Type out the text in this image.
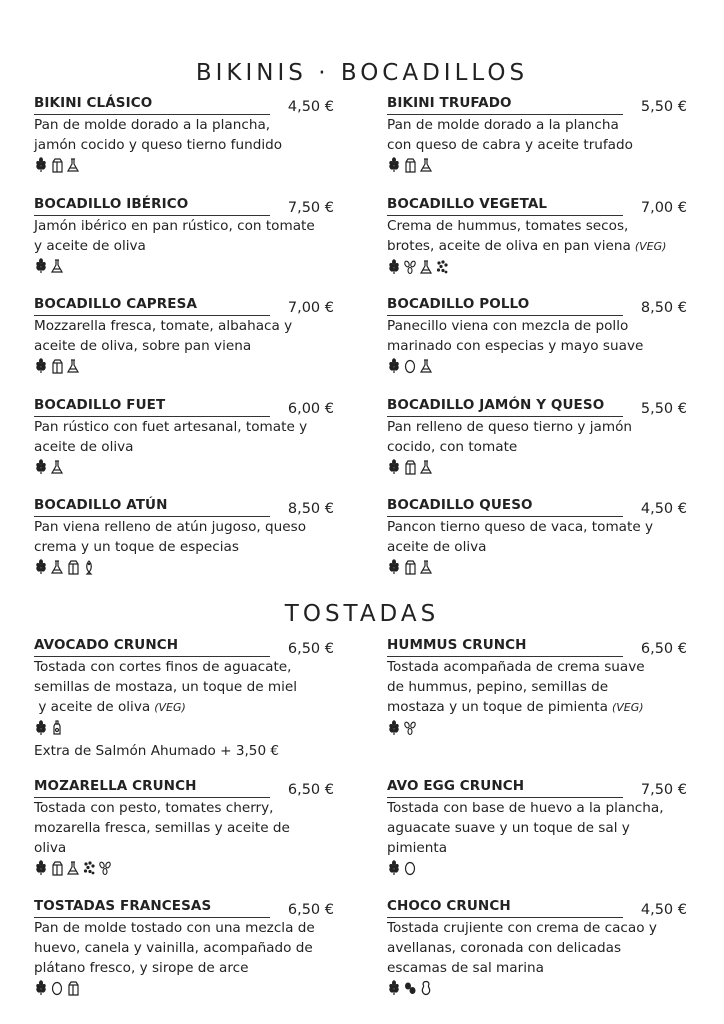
BIKINIS · BOCADILLOS
BIKINI CLÁSICO	4,50 €
Pan de molde dorado a la plancha,
jamón cocido y queso tierno fundido
BIKINI TRUFADO	5,50 €
Pan de molde dorado a la plancha
con queso de cabra y aceite trufado
BOCADILLO IBÉRICO	7,50 €
Jamón ibérico en pan rústico, con tomate
y aceite de oliva
BOCADILLO VEGETAL	7,00 €
Crema de hummus, tomates secos,
brotes, aceite de oliva en pan viena (VEG)
BOCADILLO CAPRESA	7,00 €
Mozzarella fresca, tomate, albahaca y
aceite de oliva, sobre pan viena
BOCADILLO POLLO	8,50 €
Panecillo viena con mezcla de pollo
marinado con especias y mayo suave
BOCADILLO FUET	6,00 €
Pan rústico con fuet artesanal, tomate y
aceite de oliva
BOCADILLO JAMÓN Y QUESO	5,50 €
Pan relleno de queso tierno y jamón
cocido, con tomate
BOCADILLO ATÚN	8,50 €
Pan viena relleno de atún jugoso, queso
crema y un toque de especias
BOCADILLO QUESO	4,50 €
Pancon tierno queso de vaca, tomate y
aceite de oliva
TOSTADAS
AVOCADO CRUNCH	6,50 €
Tostada con cortes finos de aguacate,
semillas de mostaza, un toque de miel
y aceite de oliva (VEG)
Extra de Salmón Ahumado + 3,50 €
HUMMUS CRUNCH	6,50 €
Tostada acompañada de crema suave
de hummus, pepino, semillas de
mostaza y un toque de pimienta (VEG)
MOZARELLA CRUNCH	6,50 €
Tostada con pesto, tomates cherry,
mozarella fresca, semillas y aceite de
oliva
AVO EGG CRUNCH	7,50 €
Tostada con base de huevo a la plancha,
aguacate suave y un toque de sal y
pimienta
TOSTADAS FRANCESAS	6,50 €
Pan de molde tostado con una mezcla de
huevo, canela y vainilla, acompañado de
plátano fresco, y sirope de arce
CHOCO CRUNCH	4,50 €
Tostada crujiente con crema de cacao y
avellanas, coronada con delicadas
escamas de sal marina
